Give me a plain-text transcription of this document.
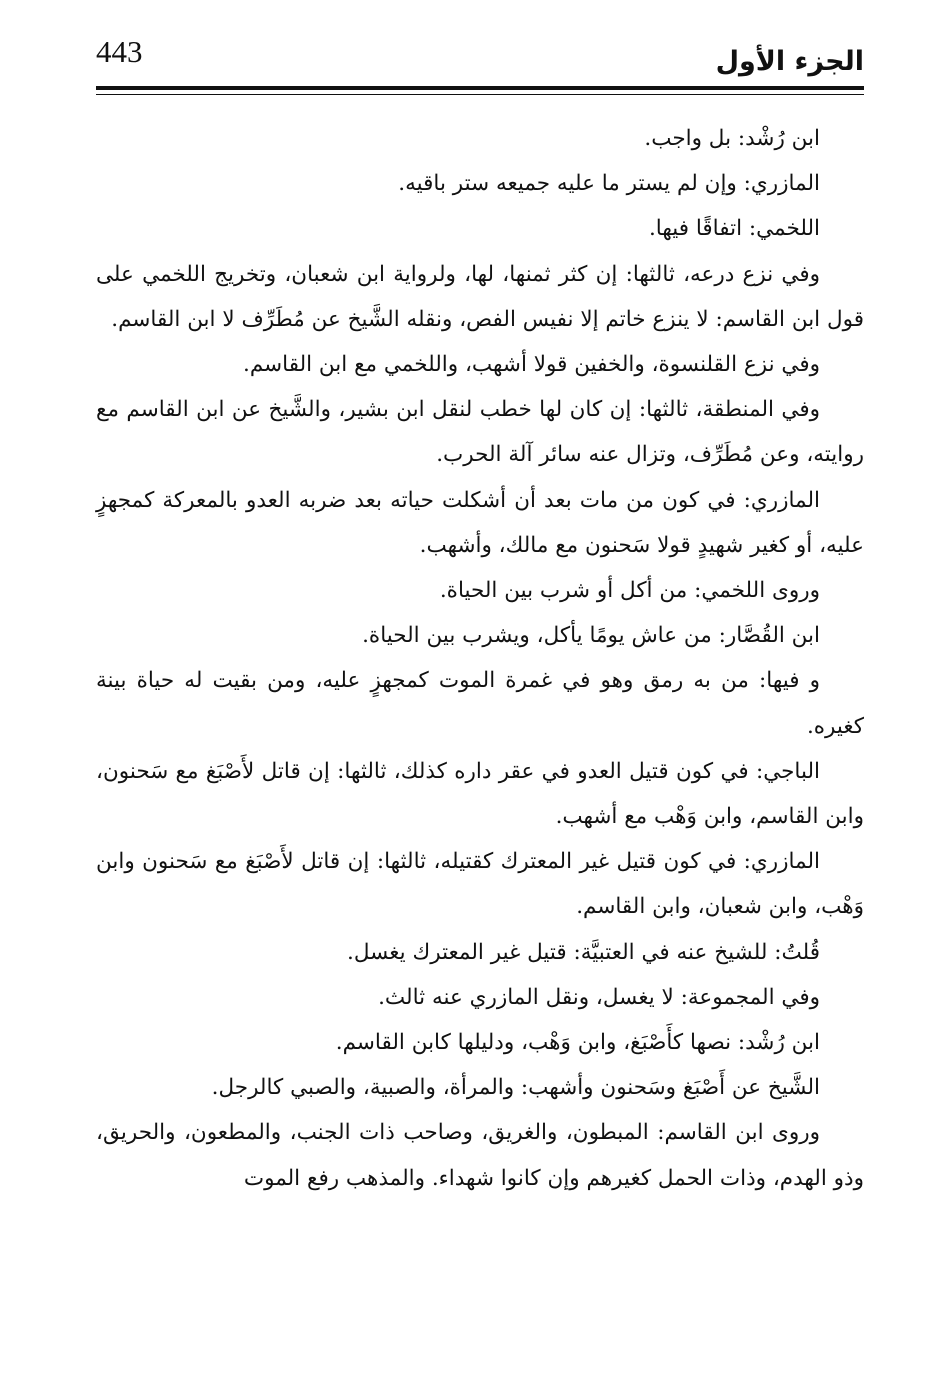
443	الجزء الأول

ابن رُشْد: بل واجب.

المازري: وإن لم يستر ما عليه جميعه ستر باقيه.

اللخمي: اتفاقًا فيها.

وفي نزع درعه، ثالثها: إن كثر ثمنها، لها، ولرواية ابن شعبان، وتخريج اللخمي على قول ابن القاسم: لا ينزع خاتم إلا نفيس الفص، ونقله الشَّيخ عن مُطَرِّف لا ابن القاسم.

وفي نزع القلنسوة، والخفين قولا أشهب، واللخمي مع ابن القاسم.

وفي المنطقة، ثالثها: إن كان لها خطب لنقل ابن بشير، والشَّيخ عن ابن القاسم مع روايته، وعن مُطَرِّف، وتزال عنه سائر آلة الحرب.

المازري: في كون من مات بعد أن أشكلت حياته بعد ضربه العدو بالمعركة كمجهزٍ عليه، أو كغير شهيدٍ قولا سَحنون مع مالك، وأشهب.

وروى اللخمي: من أكل أو شرب بين الحياة.

ابن القُصَّار: من عاش يومًا يأكل، ويشرب بين الحياة.

و فيها: من به رمق وهو في غمرة الموت كمجهزٍ عليه، ومن بقيت له حياة بينة كغيره.

الباجي: في كون قتيل العدو في عقر داره كذلك، ثالثها: إن قاتل لأَصْبَغ مع سَحنون، وابن القاسم، وابن وَهْب مع أشهب.

المازري: في كون قتيل غير المعترك كقتيله، ثالثها: إن قاتل لأَصْبَغ مع سَحنون وابن وَهْب، وابن شعبان، وابن القاسم.

قُلتُ: للشيخ عنه في العتبيَّة: قتيل غير المعترك يغسل.

وفي المجموعة: لا يغسل، ونقل المازري عنه ثالث.

ابن رُشْد: نصها كأَصْبَغ، وابن وَهْب، ودليلها كابن القاسم.

الشَّيخ عن أَصْبَغ وسَحنون وأشهب: والمرأة، والصبية، والصبي كالرجل.

وروى ابن القاسم: المبطون، والغريق، وصاحب ذات الجنب، والمطعون، والحريق، وذو الهدم، وذات الحمل كغيرهم وإن كانوا شهداء. والمذهب رفع الموت
